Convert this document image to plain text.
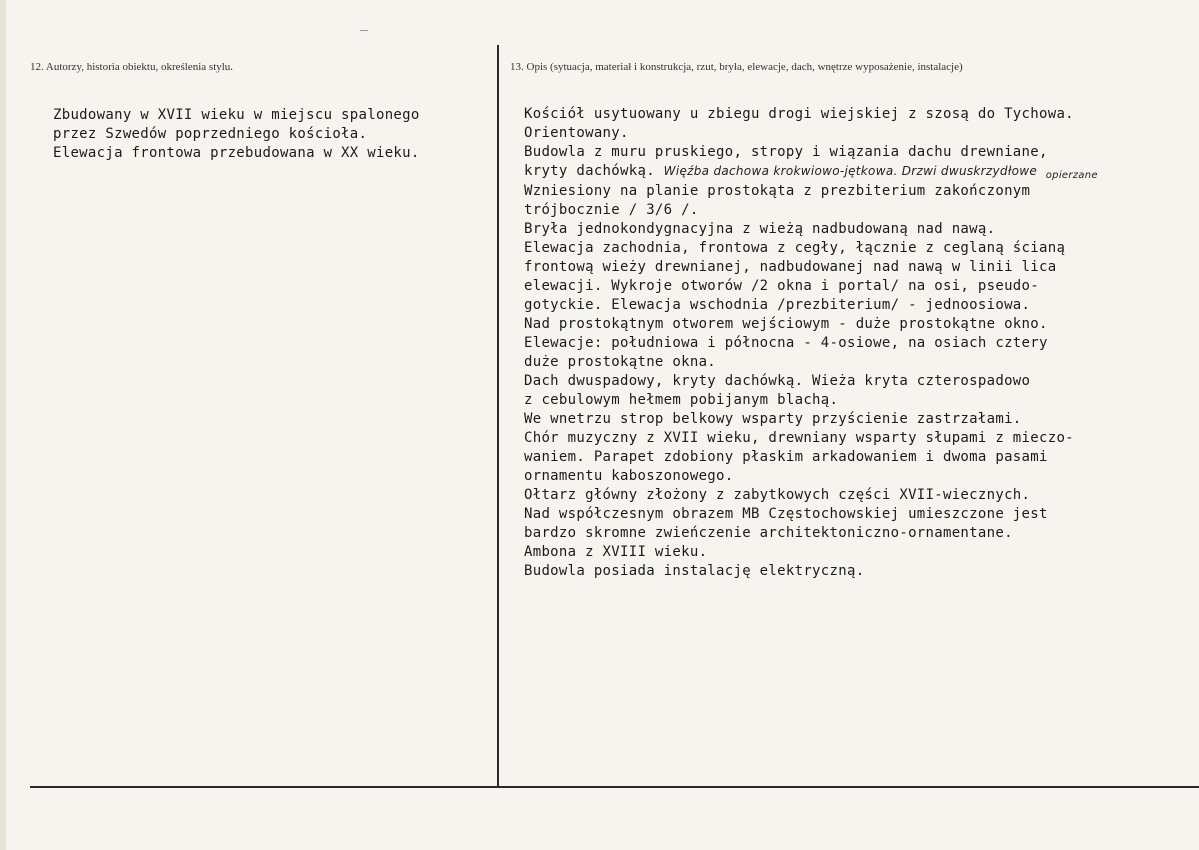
12. Autorzy, historia obiektu, określenia stylu.	13. Opis (sytuacja, materiał i konstrukcja, rzut, bryła, elewacje, dach, wnętrze wyposażenie, instalacje)
Zbudowany w XVII wieku w miejscu spalonego
przez Szwedów poprzedniego kościoła.
Elewacja frontowa przebudowana w XX wieku.
Kościół usytuowany u zbiegu drogi wiejskiej z szosą do Tychowa.
Orientowany.
Budowla z muru pruskiego, stropy i wiązania dachu drewniane,
kryty dachówką. Więźba dachowa krokwiowo-jętkowa. Drzwi dwuskrzydłowe $_{opierzane}$
Wzniesiony na planie prostokąta z prezbiterium zakończonym
trójbocznie / 3/6 /.
Bryła jednokondygnacyjna z wieżą nadbudowaną nad nawą.
Elewacja zachodnia, frontowa z cegły, łącznie z ceglaną ścianą
frontową wieży drewnianej, nadbudowanej nad nawą w linii lica
elewacji. Wykroje otworów /2 okna i portal/ na osi, pseudo-
gotyckie. Elewacja wschodnia /prezbiterium/ - jednoosiowa.
Nad prostokątnym otworem wejściowym - duże prostokątne okno.
Elewacje: południowa i północna - 4-osiowe, na osiach cztery
duże prostokątne okna.
Dach dwuspadowy, kryty dachówką. Wieża kryta czterospadowo
z cebulowym hełmem pobijanym blachą.
We wnetrzu strop belkowy wsparty przyścienie zastrzałami.
Chór muzyczny z XVII wieku, drewniany wsparty słupami z mieczo-
waniem. Parapet zdobiony płaskim arkadowaniem i dwoma pasami
ornamentu kaboszonowego.
Ołtarz główny złożony z zabytkowych części XVII-wiecznych.
Nad współczesnym obrazem MB Częstochowskiej umieszczone jest
bardzo skromne zwieńczenie architektoniczno-ornamentane.
Ambona z XVIII wieku.
Budowla posiada instalację elektryczną.
